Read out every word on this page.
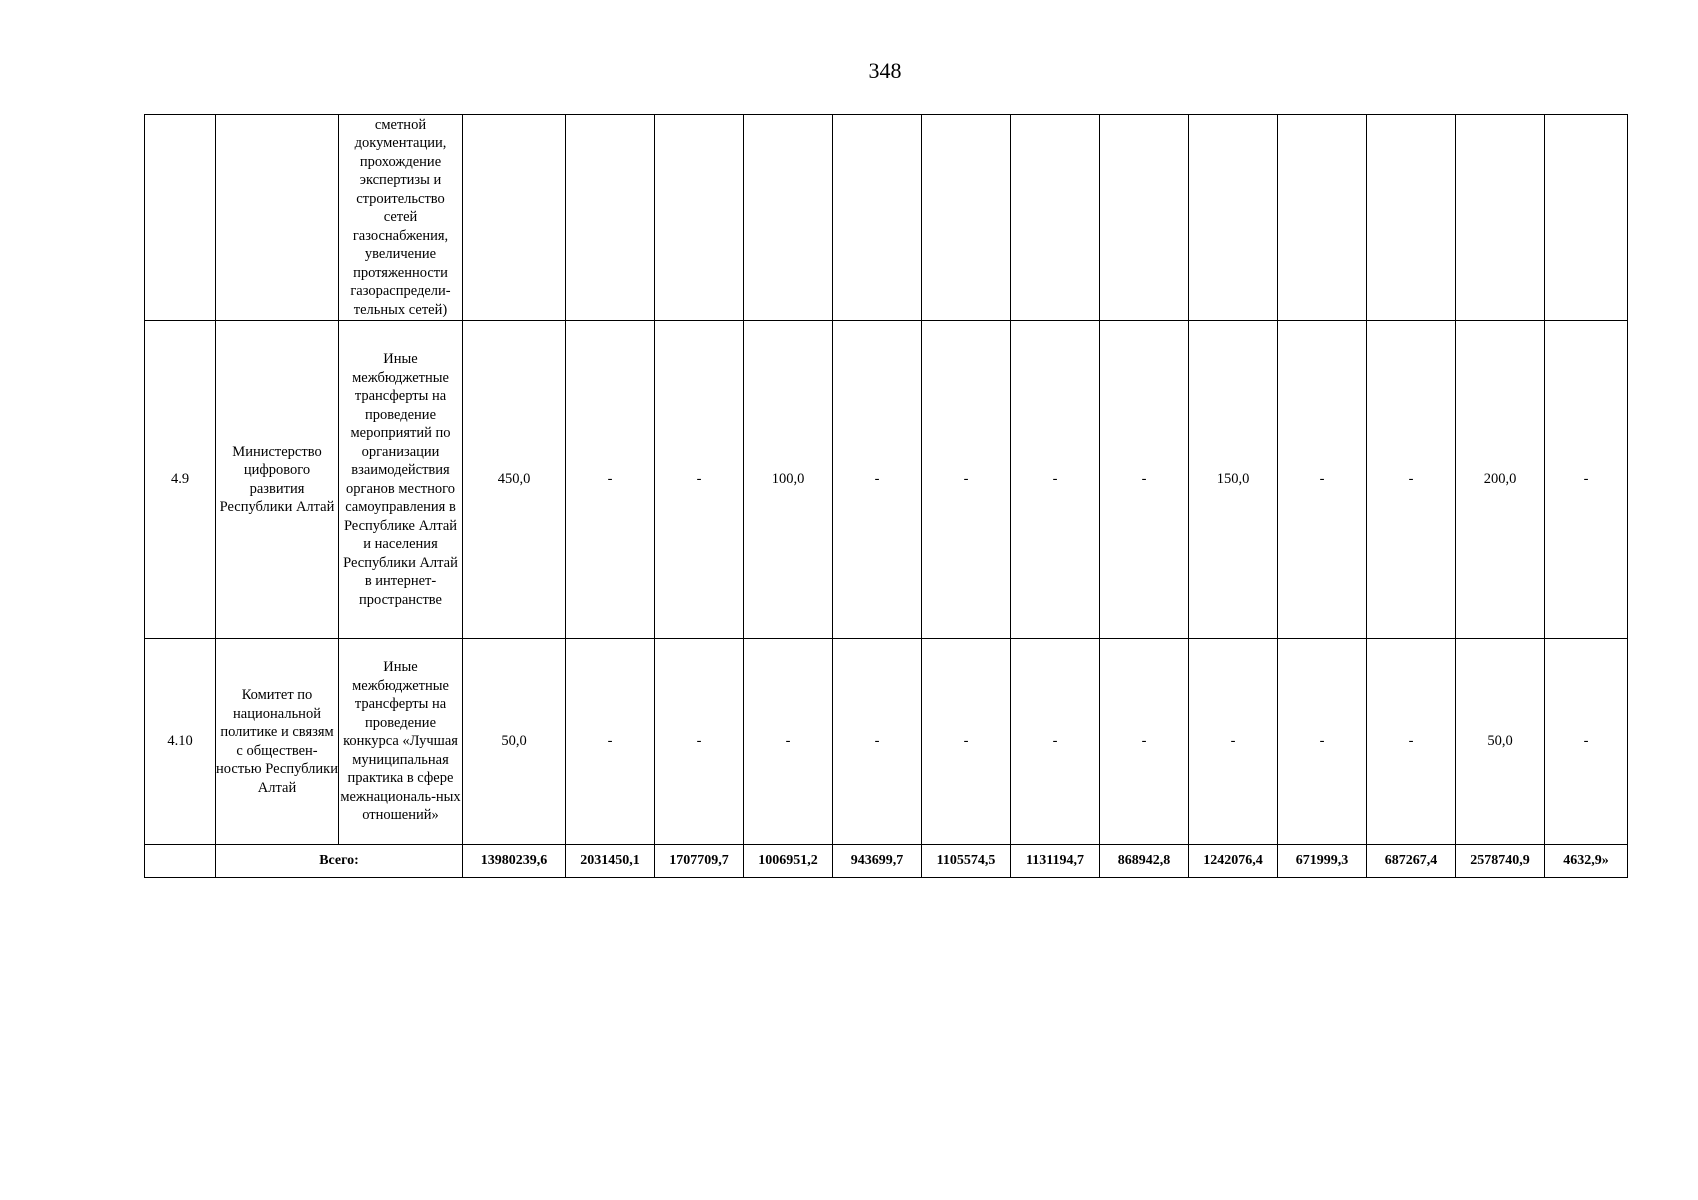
348
		сметной документации, прохождение экспертизы и строительство сетей газоснабжения, увеличение протяженности газораспредели-тельных сетей)													
4.9	Министерство цифрового развития Республики Алтай	Иные межбюджетные трансферты на проведение мероприятий по организации взаимодействия органов местного самоуправления в Республике Алтай и населения Республики Алтай в интернет-пространстве	450,0	-	-	100,0	-	-	-	-	150,0	-	-	200,0	-
4.10	Комитет по национальной политике и связям с обществен-ностью Республики Алтай	Иные межбюджетные трансферты на проведение конкурса «Лучшая муниципальная практика в сфере межнациональ-ных отношений»	50,0	-	-	-	-	-	-	-	-	-	-	50,0	-
	Всего:		13980239,6	2031450,1	1707709,7	1006951,2	943699,7	1105574,5	1131194,7	868942,8	1242076,4	671999,3	687267,4	2578740,9	4632,9»
